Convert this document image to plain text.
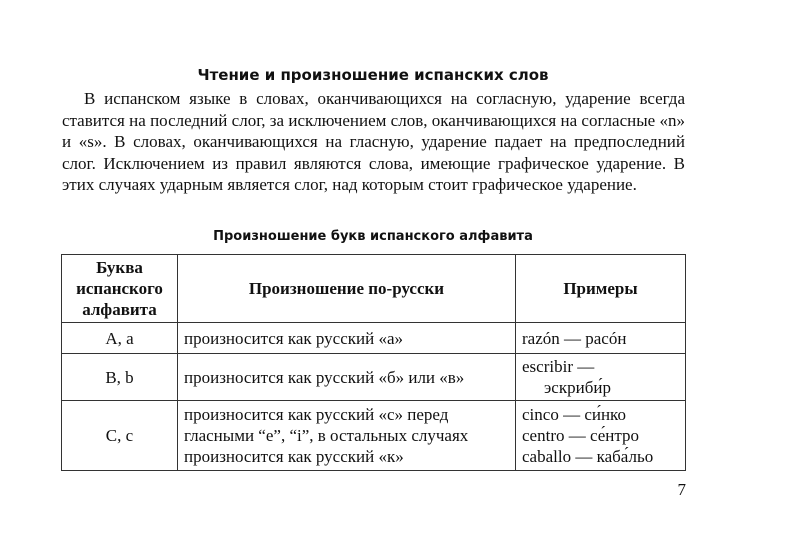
Чтение и произношение испанских слов

В испанском языке в словах, оканчивающихся на согласную, ударение всегда ставится на последний слог, за исключением слов, оканчивающихся на согласные «n» и «s». В словах, оканчивающихся на гласную, ударение падает на предпоследний слог. Исключением из правил являются слова, имеющие графическое ударение. В этих случаях ударным является слог, над которым стоит графическое ударение.

Произношение букв испанского алфавита
Буква
испанского
алфавита	Произношение по-русски	Примеры
A, a	произносится как русский «а»	razón — расóн
B, b	произносится как русский «б» или «в»	escribir —
эскриби́р

C, c	произносится как русский «c» перед
гласными “e”, “i”, в остальных случаях
произносится как русский «к»	cinco — си́нко
centro — се́нтро
caballo — каба́льо
7
